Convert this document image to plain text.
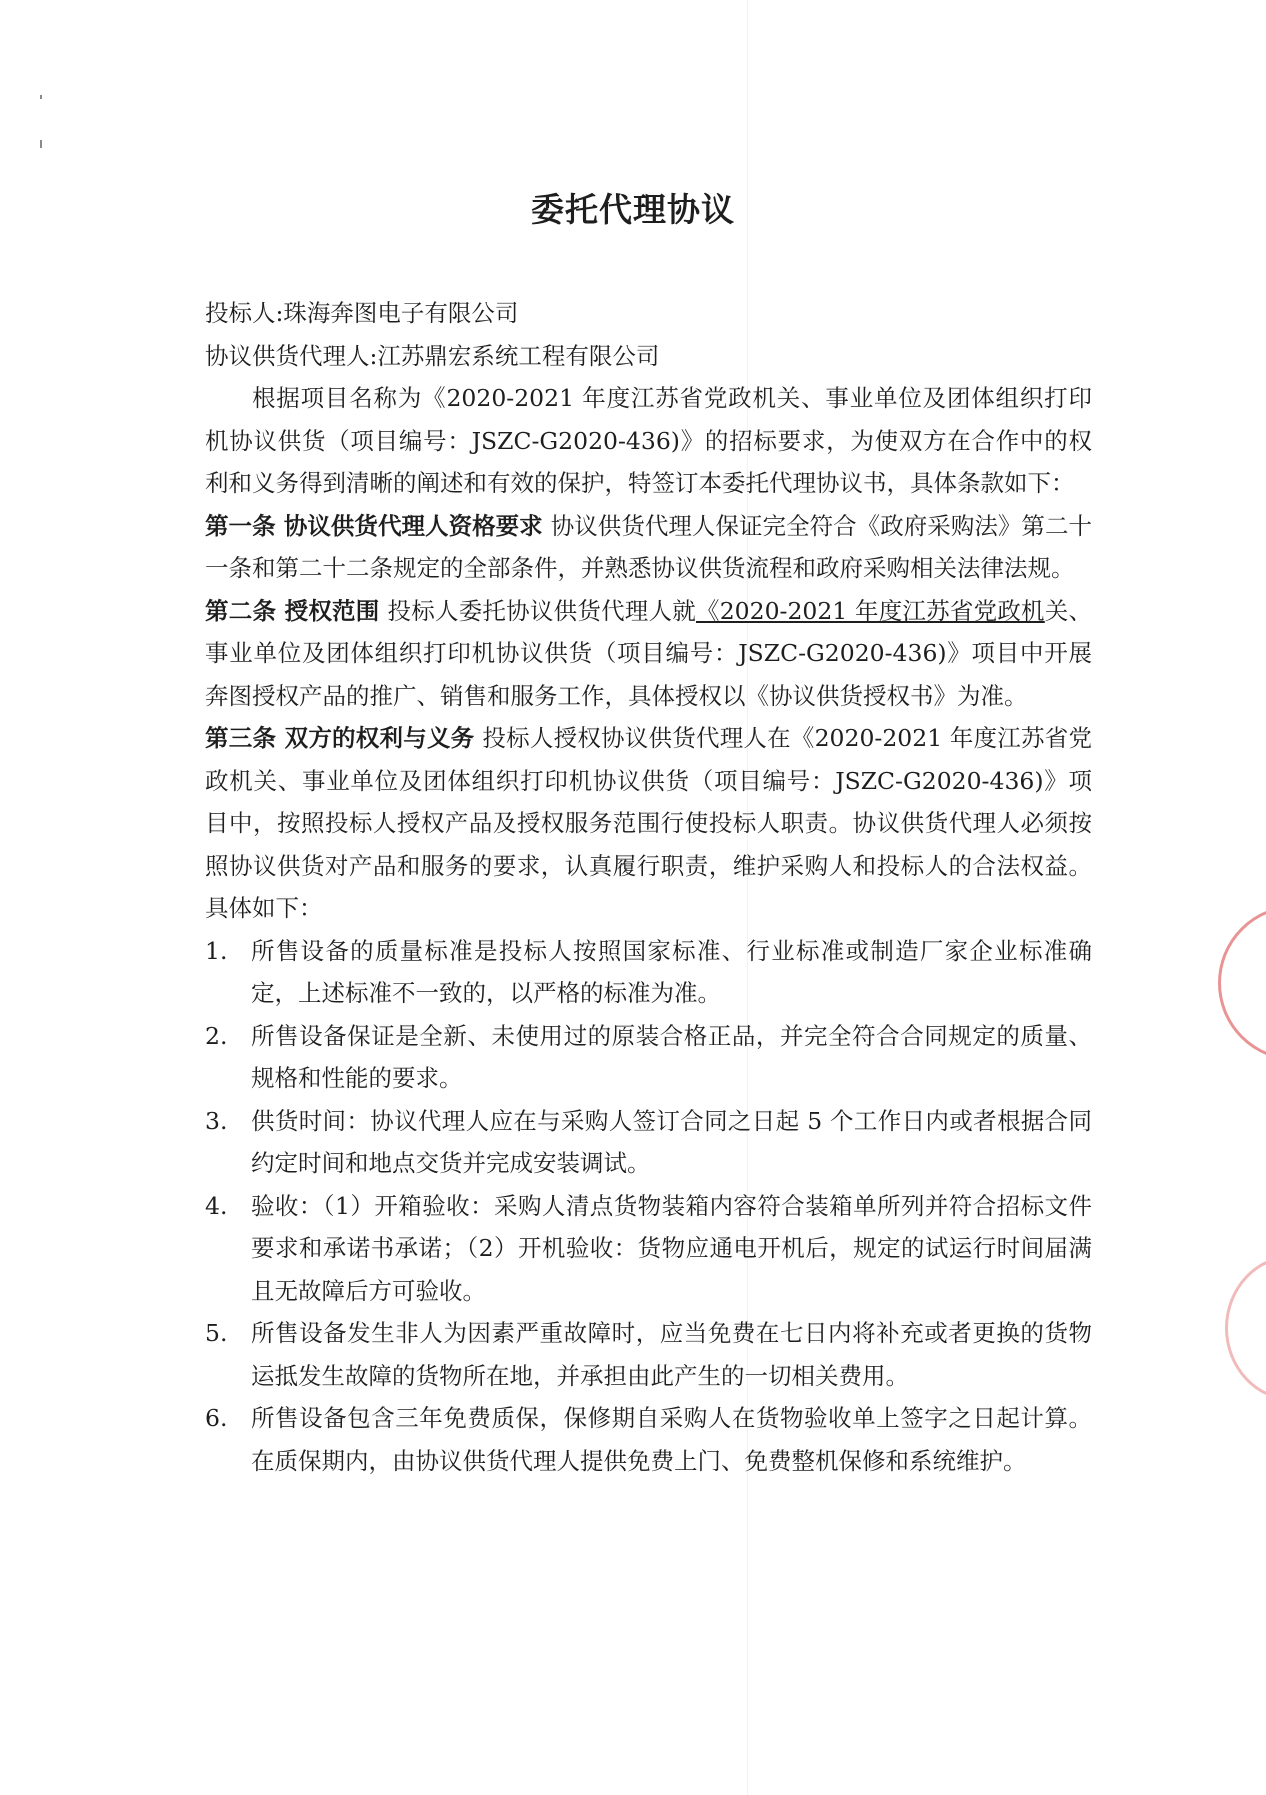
委托代理协议

投标人:珠海奔图电子有限公司

协议供货代理人:江苏鼎宏系统工程有限公司

根据项目名称为《2020-2021 年度江苏省党政机关、事业单位及团体组织打印机协议供货（项目编号：JSZC-G2020-436)》的招标要求，为使双方在合作中的权利和义务得到清晰的阐述和有效的保护，特签订本委托代理协议书，具体条款如下：

第一条 协议供货代理人资格要求 协议供货代理人保证完全符合《政府采购法》第二十一条和第二十二条规定的全部条件，并熟悉协议供货流程和政府采购相关法律法规。

第二条 授权范围 投标人委托协议供货代理人就《2020-2021 年度江苏省党政机关、事业单位及团体组织打印机协议供货（项目编号：JSZC-G2020-436)》项目中开展奔图授权产品的推广、销售和服务工作，具体授权以《协议供货授权书》为准。

第三条 双方的权利与义务 投标人授权协议供货代理人在《2020-2021 年度江苏省党政机关、事业单位及团体组织打印机协议供货（项目编号：JSZC-G2020-436)》项目中，按照投标人授权产品及授权服务范围行使投标人职责。协议供货代理人必须按照协议供货对产品和服务的要求，认真履行职责，维护采购人和投标人的合法权益。具体如下：

1.	所售设备的质量标准是投标人按照国家标准、行业标准或制造厂家企业标准确定，上述标准不一致的，以严格的标准为准。
2.	所售设备保证是全新、未使用过的原装合格正品，并完全符合合同规定的质量、规格和性能的要求。
3.	供货时间：协议代理人应在与采购人签订合同之日起 5 个工作日内或者根据合同约定时间和地点交货并完成安装调试。
4.	验收：（1）开箱验收：采购人清点货物装箱内容符合装箱单所列并符合招标文件要求和承诺书承诺；（2）开机验收：货物应通电开机后，规定的试运行时间届满且无故障后方可验收。
5.	所售设备发生非人为因素严重故障时，应当免费在七日内将补充或者更换的货物运抵发生故障的货物所在地，并承担由此产生的一切相关费用。
6.	所售设备包含三年免费质保，保修期自采购人在货物验收单上签字之日起计算。在质保期内，由协议供货代理人提供免费上门、免费整机保修和系统维护。
